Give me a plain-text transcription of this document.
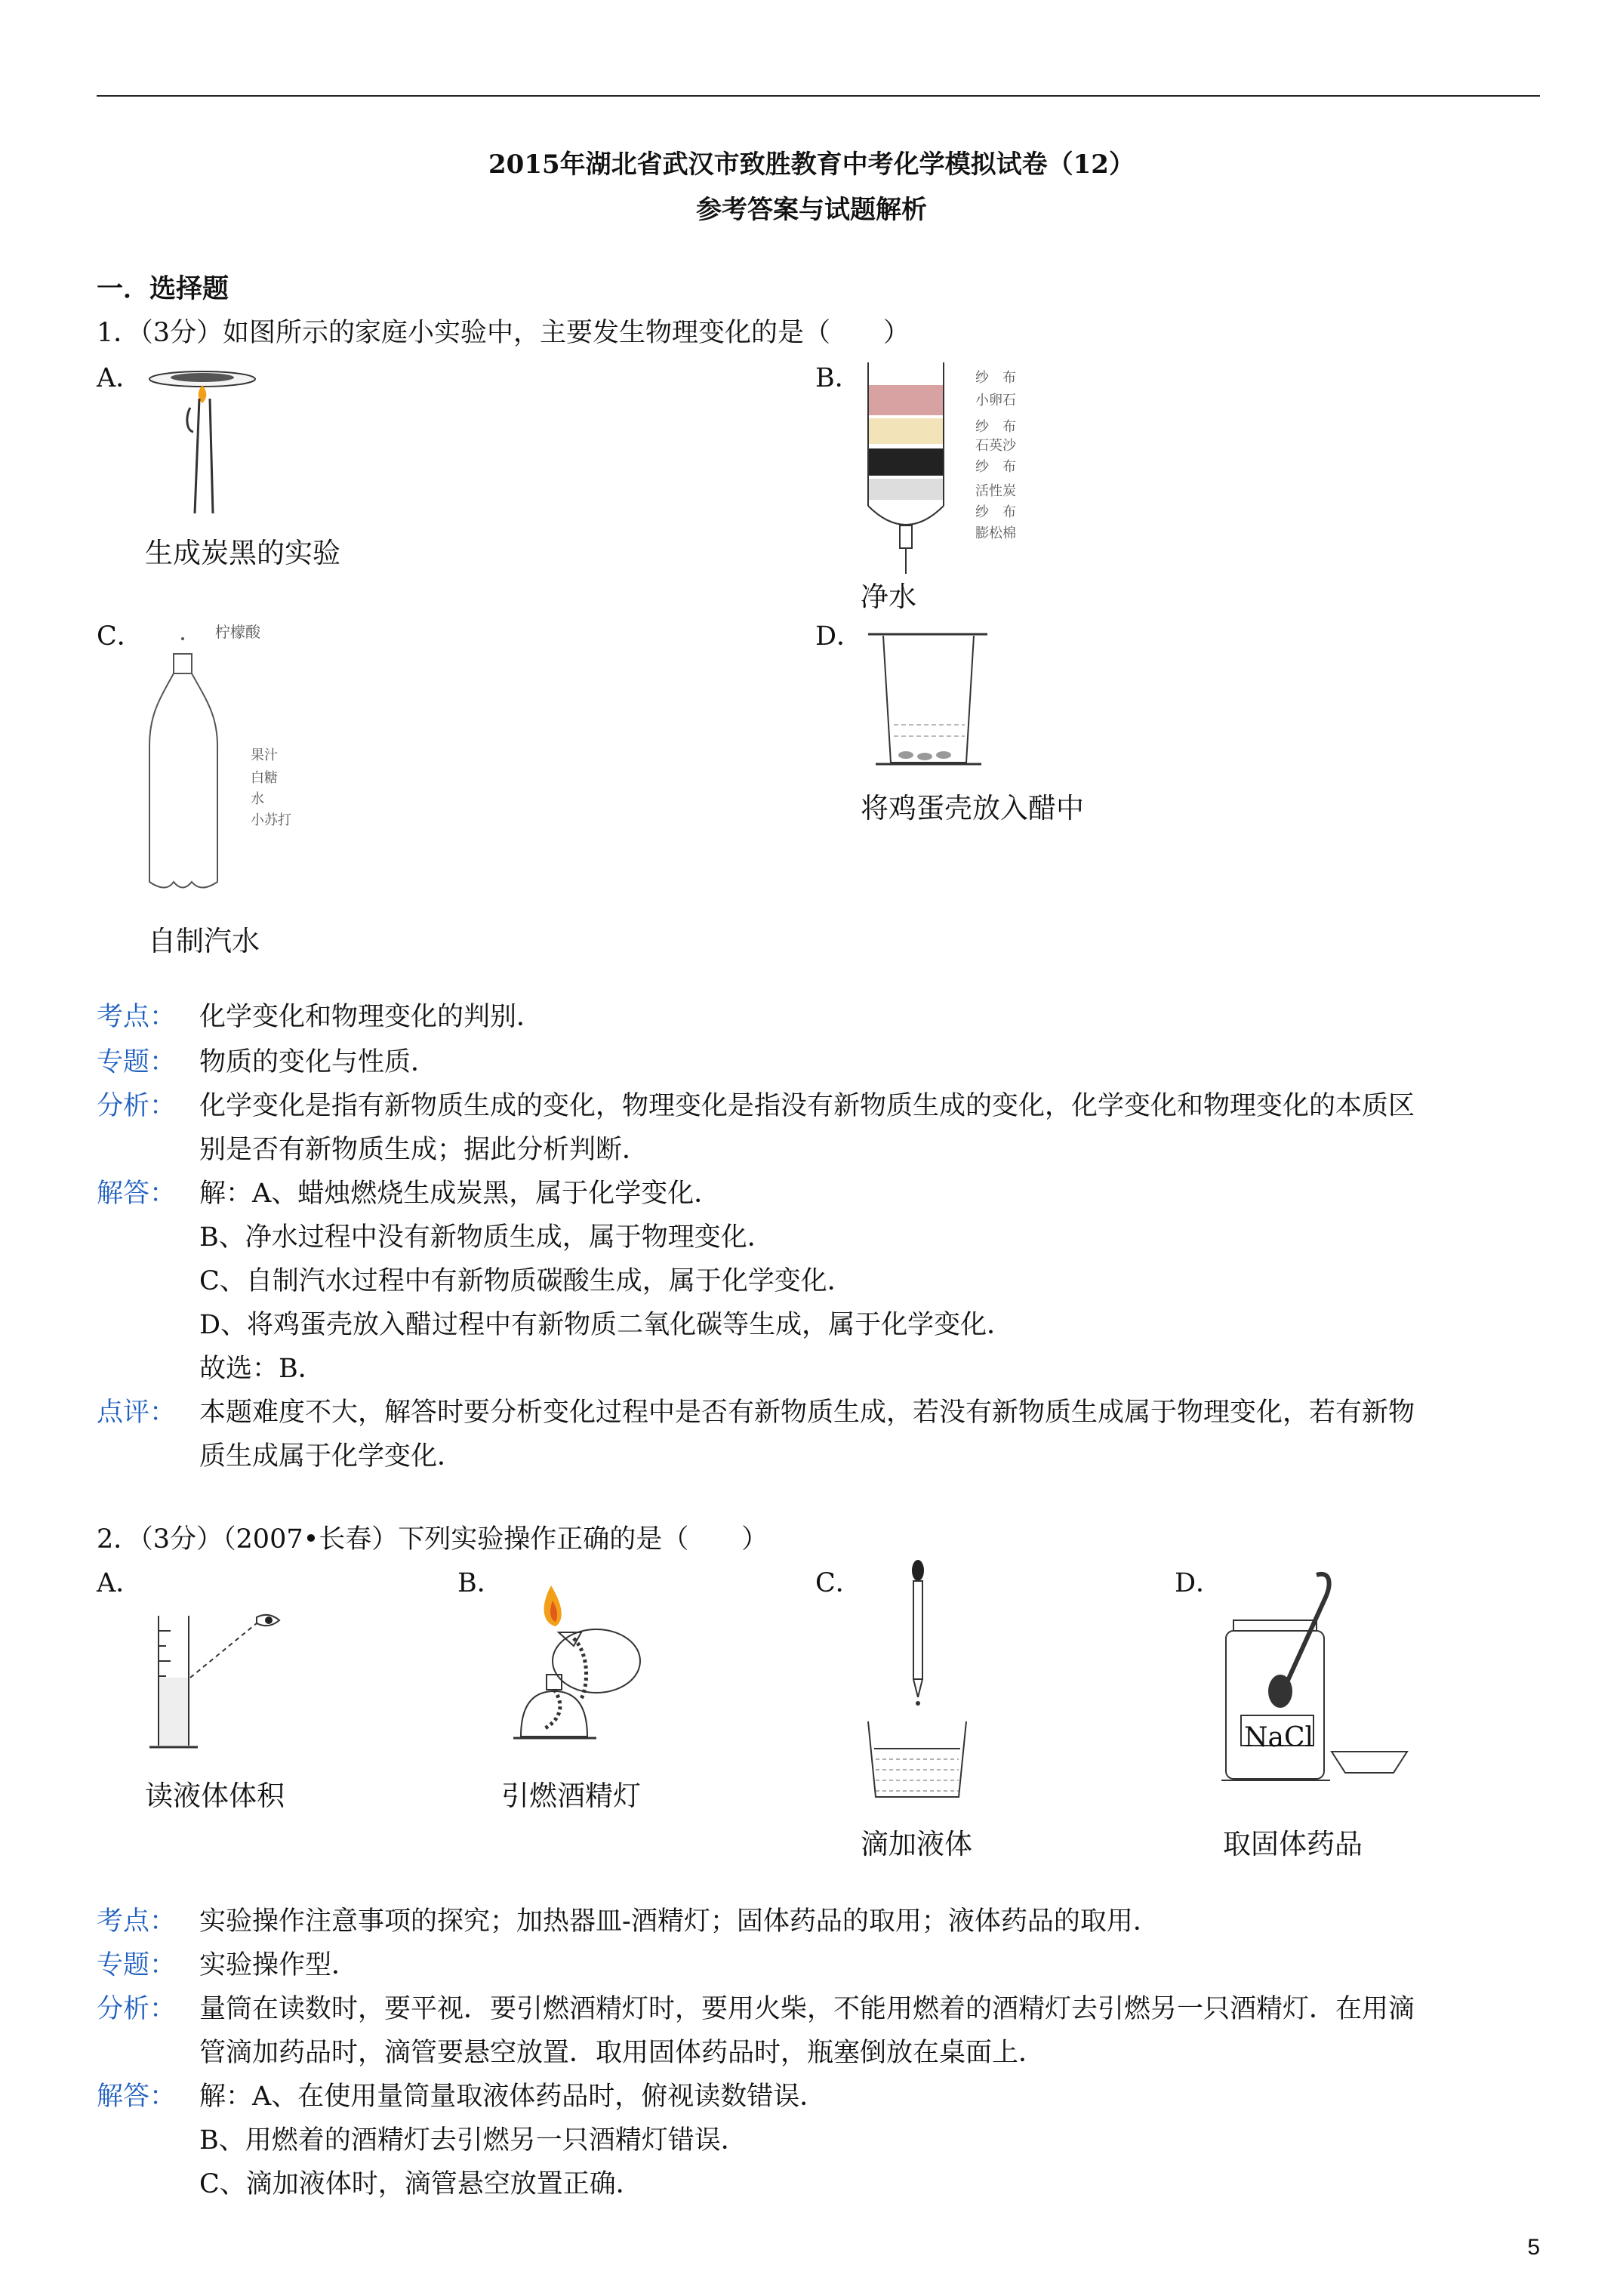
2015年湖北省武汉市致胜教育中考化学模拟试卷（12）
参考答案与试题解析
一．选择题
1．（3分）如图所示的家庭小实验中，主要发生物理变化的是（　　）
A．	B．
C．	D．
生成炭黑的实验
纱　布
小卵石
纱　布
石英沙
纱　布
活性炭
纱　布
膨松棉
净水
柠檬酸
果汁
白糖
水
小苏打
自制汽水
将鸡蛋壳放入醋中
考点： 化学变化和物理变化的判别．
专题： 物质的变化与性质．
分析： 化学变化是指有新物质生成的变化，物理变化是指没有新物质生成的变化，化学变化和物理变化的本质区
别是否有新物质生成；据此分析判断．
解答： 解：A、蜡烛燃烧生成炭黑，属于化学变化．
B、净水过程中没有新物质生成，属于物理变化．
C、自制汽水过程中有新物质碳酸生成，属于化学变化．
D、将鸡蛋壳放入醋过程中有新物质二氧化碳等生成，属于化学变化．
故选：B．
点评： 本题难度不大，解答时要分析变化过程中是否有新物质生成，若没有新物质生成属于物理变化，若有新物
质生成属于化学变化．
2．（3分）（2007•长春）下列实验操作正确的是（　　）
A．	B．	C．	D．
读液体体积	引燃酒精灯
滴加液体
NaCl
取固体药品
考点： 实验操作注意事项的探究；加热器皿-酒精灯；固体药品的取用；液体药品的取用．
专题： 实验操作型．
分析： 量筒在读数时，要平视．要引燃酒精灯时，要用火柴，不能用燃着的酒精灯去引燃另一只酒精灯．在用滴
管滴加药品时，滴管要悬空放置．取用固体药品时，瓶塞倒放在桌面上．
解答： 解：A、在使用量筒量取液体药品时，俯视读数错误．
B、用燃着的酒精灯去引燃另一只酒精灯错误．
C、滴加液体时，滴管悬空放置正确．
5
